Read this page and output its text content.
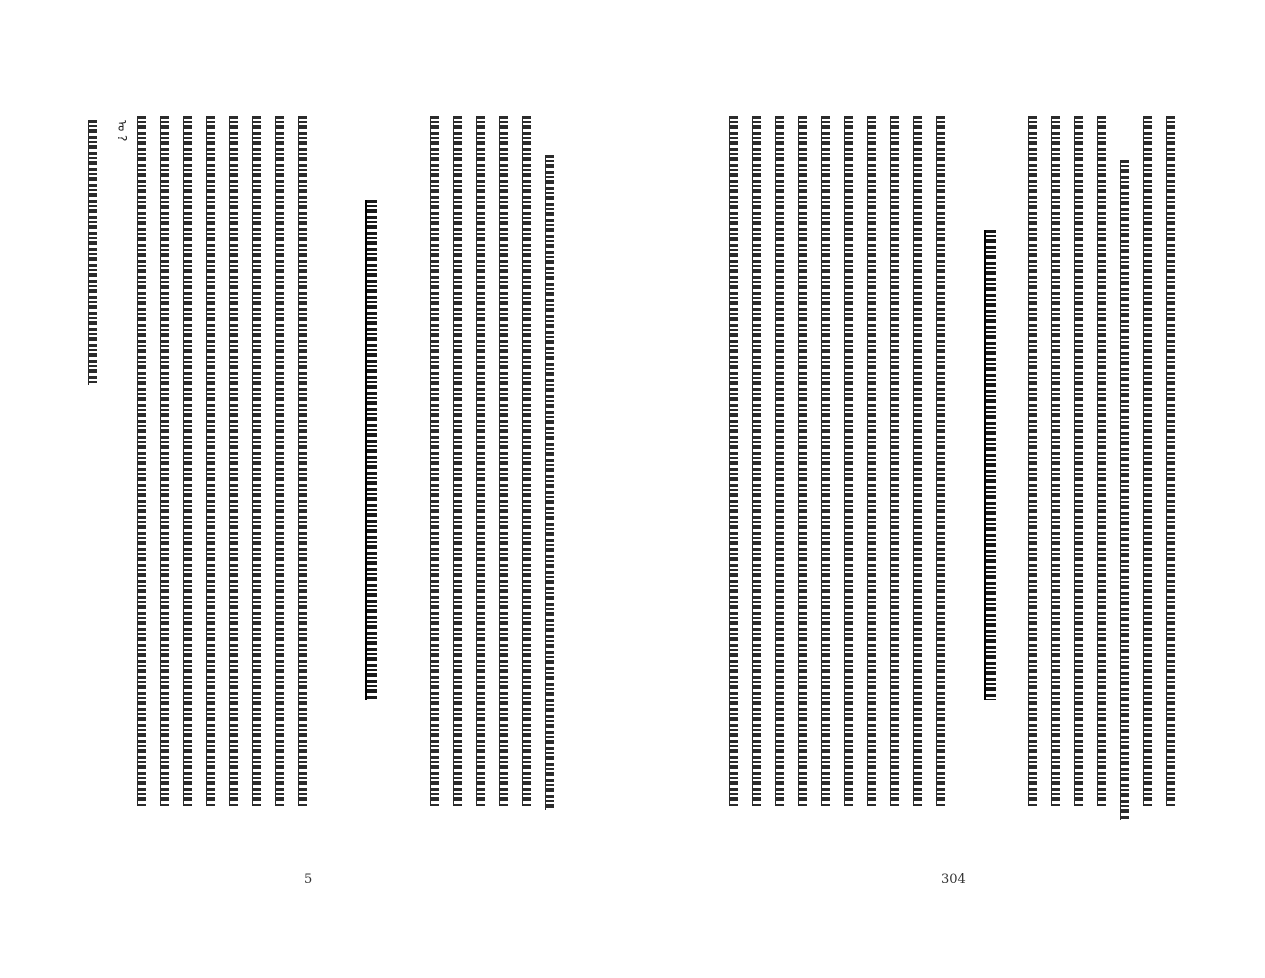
ᠤ ?
5	304
